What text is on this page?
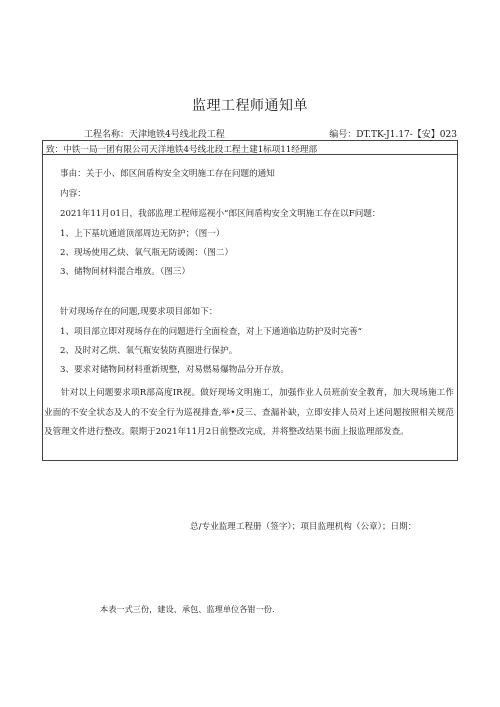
监理工程师通知单
工程名称：天津地铁4号线北段工程	编号：DT.TK-J1.17-【安】023
致：中铁一局一团有限公司天洋地铁4号线北段工程土建1标项11经理部
事由：关于小、郎区间盾构安全文明施工存在问题的通知
内容：
2021年11月01日，我部监理工程师巡视小“郎区间盾构安全文明施工存在以F问题：
1、上下基坑通道顶部周边无防护；（图一）
2、现场使用乙炔、氧气瓶无防谖阁：（图二）
3、储物间材料混合堆放。（图三）
针对现场存在的问题,现要求项目部如下：
1、项目部立即对现场存在的问题进行全面检查，对上下通道临边防护及时完善“
2、及时对乙烘、氧气瓶安装防真圈进行保护。
3、要求对储物间材料重新规整，对易燃易爆物品分开存放。
针对以上问题要求项R部高度IR视。做好现场文明施工，加强作业人员班前安全教育，加大现场施工作业面的不安全状态及人的不安全行为巡视排查,举•反三、查漏补缺，立即安排人员对上述问题按照相关规范及管理文件进行整改。限期于2021年11月2日前整改完成，并将整改结果书面上报监理部发查。
总/专业监理工程册（签字）；项目监理机构（公章）；日期：
本表一式三份，建设、承包、监理单位各钳一份.
